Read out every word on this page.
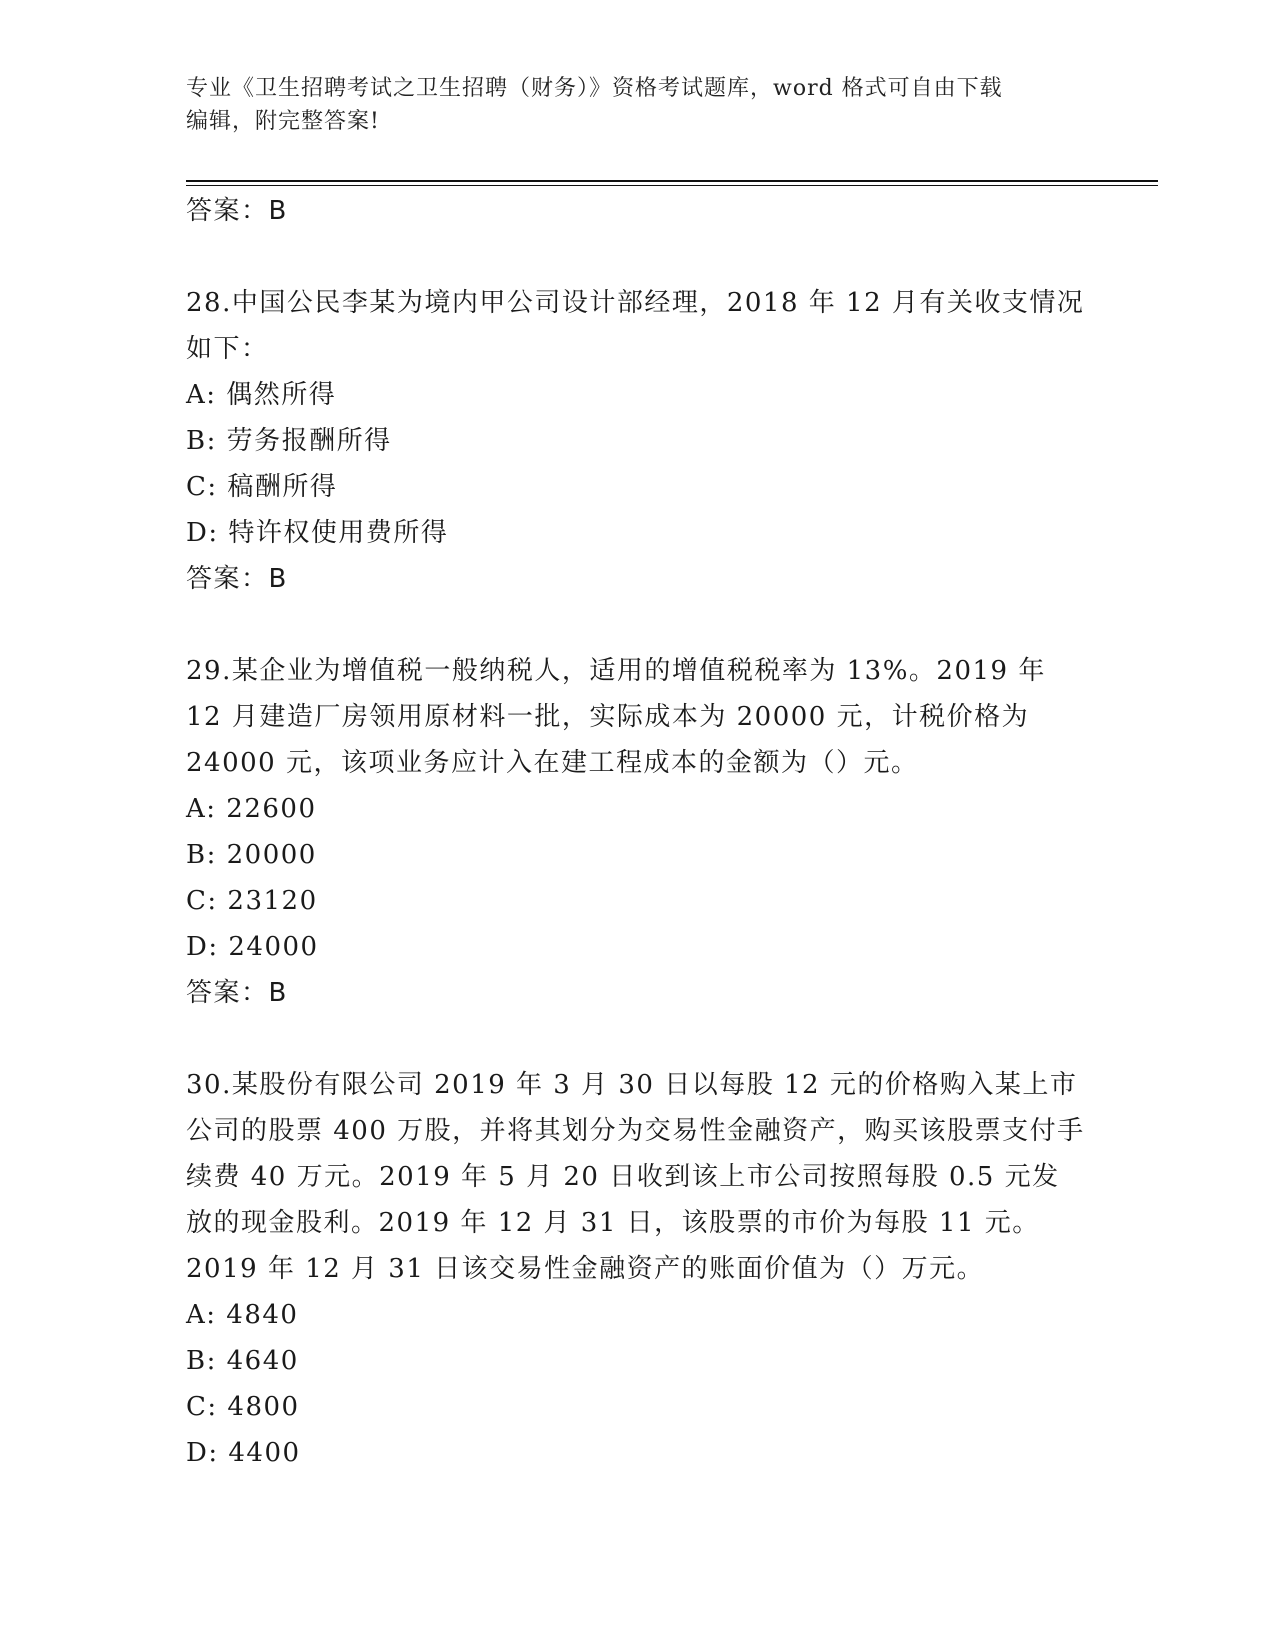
专业《卫生招聘考试之卫生招聘（财务）》资格考试题库，word 格式可自由下载
编辑，附完整答案!

答案：B

28.中国公民李某为境内甲公司设计部经理，2018 年 12 月有关收支情况如下：

A: 偶然所得

B: 劳务报酬所得

C: 稿酬所得

D: 特许权使用费所得

答案：B

29.某企业为增值税一般纳税人，适用的增值税税率为 13%。2019 年 12 月建造厂房领用原材料一批，实际成本为 20000 元，计税价格为 24000 元，该项业务应计入在建工程成本的金额为（）元。

A: 22600

B: 20000

C: 23120

D: 24000

答案：B

30.某股份有限公司 2019 年 3 月 30 日以每股 12 元的价格购入某上市公司的股票 400 万股，并将其划分为交易性金融资产，购买该股票支付手续费 40 万元。2019 年 5 月 20 日收到该上市公司按照每股 0.5 元发放的现金股利。2019 年 12 月 31 日，该股票的市价为每股 11 元。2019 年 12 月 31 日该交易性金融资产的账面价值为（）万元。

A: 4840

B: 4640

C: 4800

D: 4400
